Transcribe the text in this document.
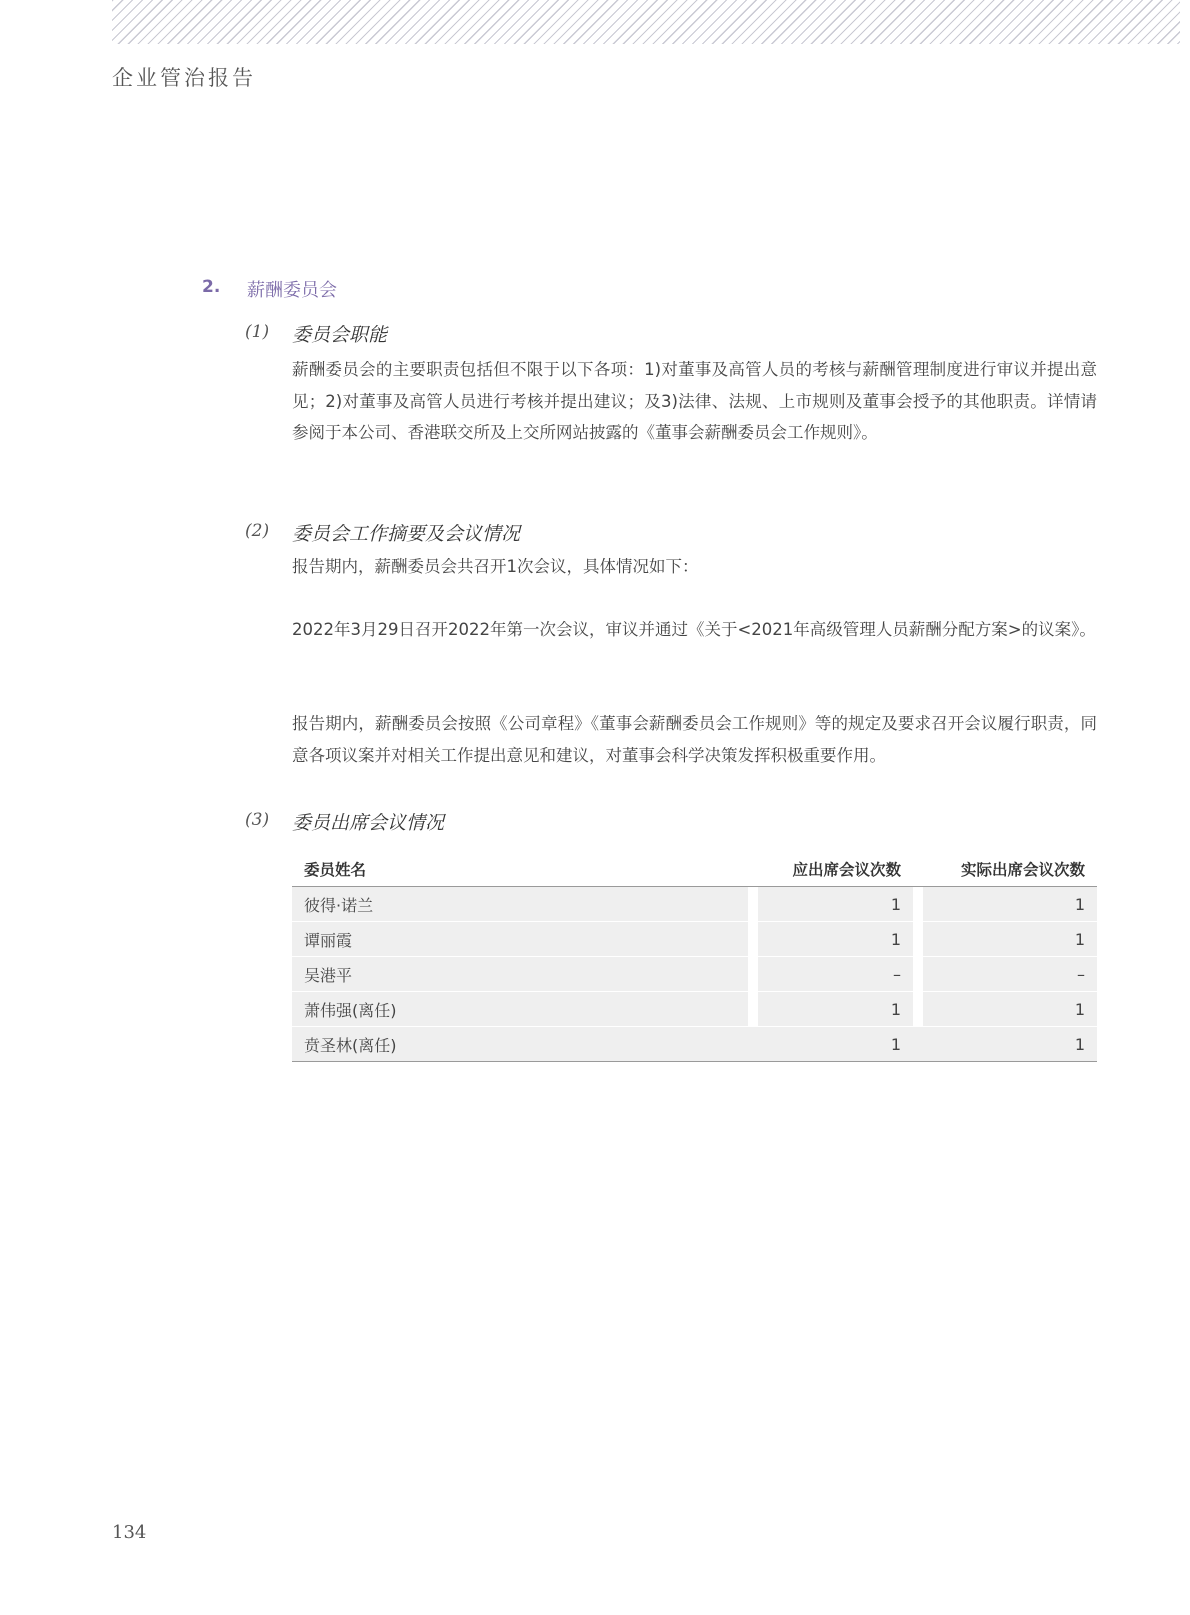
企业管治报告
2. 薪酬委员会
(1) 委员会职能

薪酬委员会的主要职责包括但不限于以下各项：1)对董事及高管人员的考核与薪酬管理制度进行审议并提出意见；2)对董事及高管人员进行考核并提出建议；及3)法律、法规、上市规则及董事会授予的其他职责。详情请参阅于本公司、香港联交所及上交所网站披露的《董事会薪酬委员会工作规则》。

(2) 委员会工作摘要及会议情况

报告期内，薪酬委员会共召开1次会议，具体情况如下：

2022年3月29日召开2022年第一次会议，审议并通过《关于<2021年高级管理人员薪酬分配方案>的议案》。

报告期内，薪酬委员会按照《公司章程》《董事会薪酬委员会工作规则》等的规定及要求召开会议履行职责，同意各项议案并对相关工作提出意见和建议，对董事会科学决策发挥积极重要作用。

(3) 委员出席会议情况
委员姓名		应出席会议次数		实际出席会议次数
彼得·诺兰		1		1
谭丽霞		1		1
吴港平		–		–
萧伟强(离任)		1		1
贲圣林(离任)		1		1
134
